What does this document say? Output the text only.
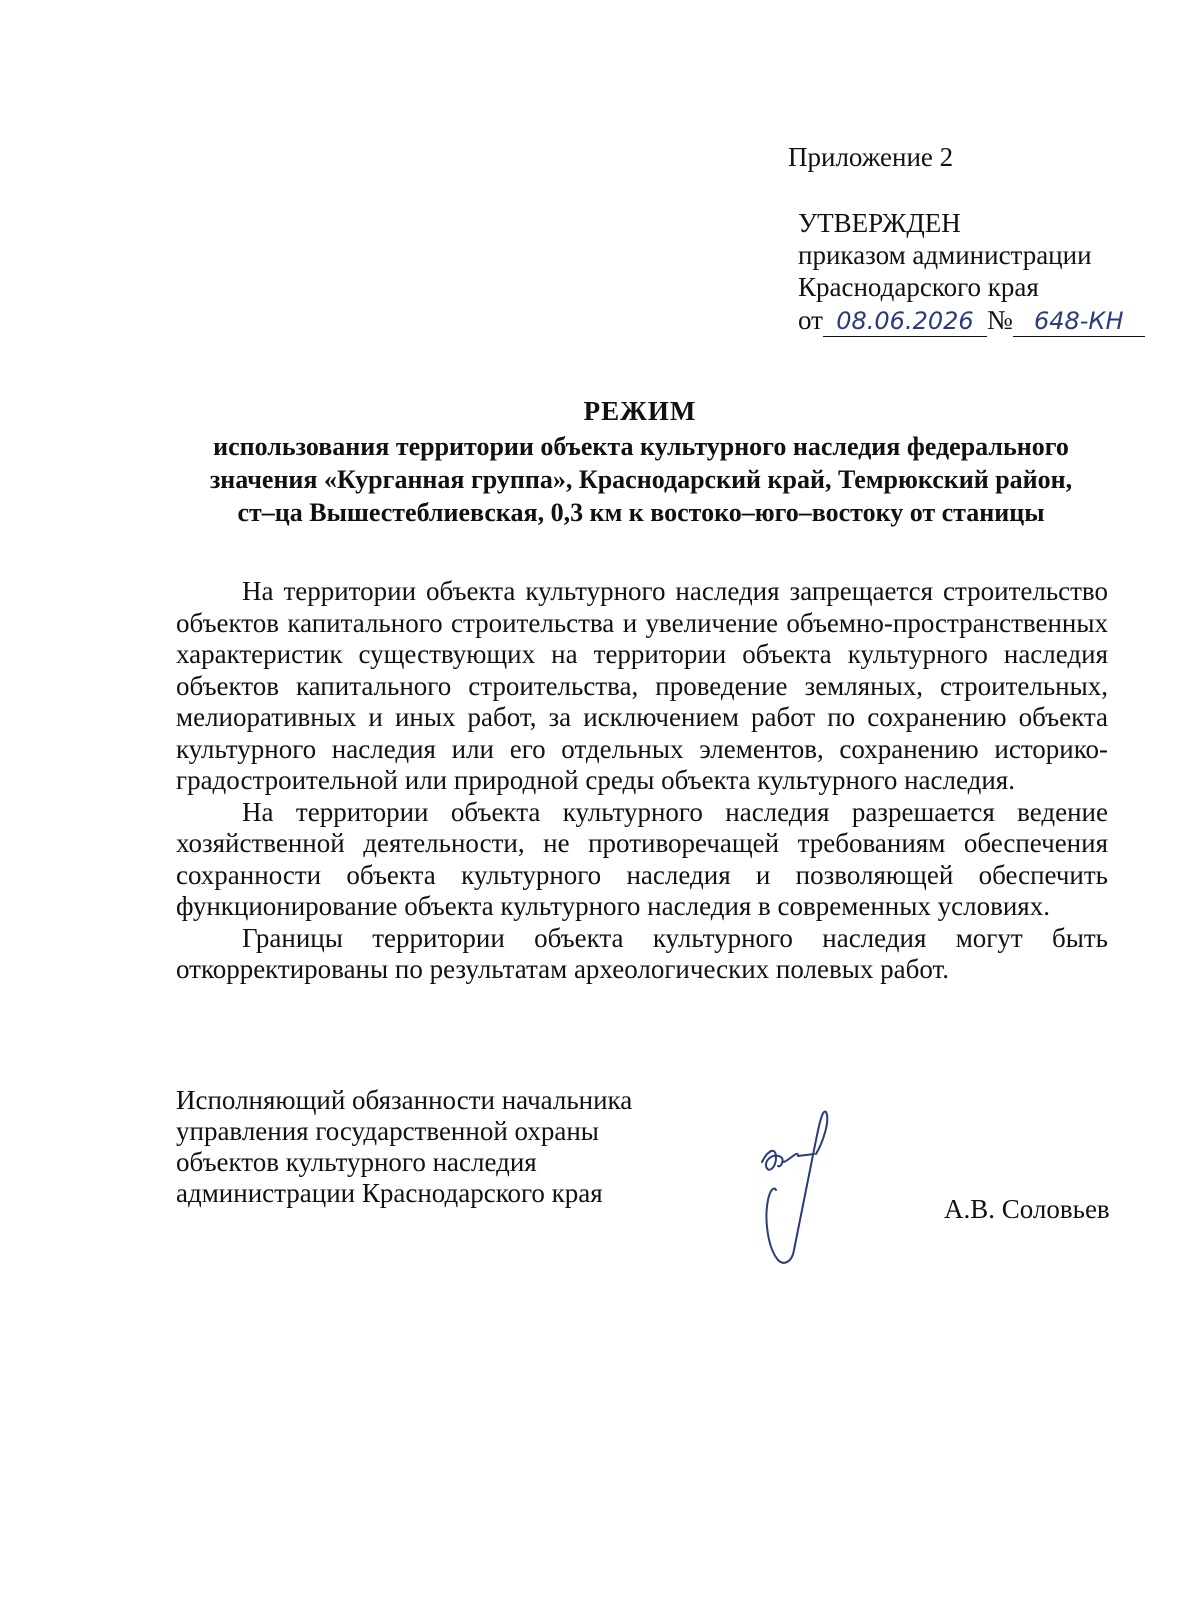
Приложение 2
УТВЕРЖДЕН
приказом администрации
Краснодарского края
от 08.06.2026 № 648-КН
РЕЖИМ
использования территории объекта культурного наследия федерального
значения «Курганная группа», Краснодарский край, Темрюкский район,
ст–ца Вышестеблиевская, 0,3 км к востоко–юго–востоку от станицы

На территории объекта культурного наследия запрещается строительство объектов капитального строительства и увеличение объемно-пространственных характеристик существующих на территории объекта культурного наследия объектов капитального строительства, проведение земляных, строительных, мелиоративных и иных работ, за исключением работ по сохранению объекта культурного наследия или его отдельных элементов, сохранению историко-градостроительной или природной среды объекта культурного наследия.

На территории объекта культурного наследия разрешается ведение хозяйственной деятельности, не противоречащей требованиям обеспечения сохранности объекта культурного наследия и позволяющей обеспечить функционирование объекта культурного наследия в современных условиях.

Границы территории объекта культурного наследия могут быть откорректированы по результатам археологических полевых работ.

Исполняющий обязанности начальника
управления государственной охраны
объектов культурного наследия
администрации Краснодарского края
А.В. Соловьев
